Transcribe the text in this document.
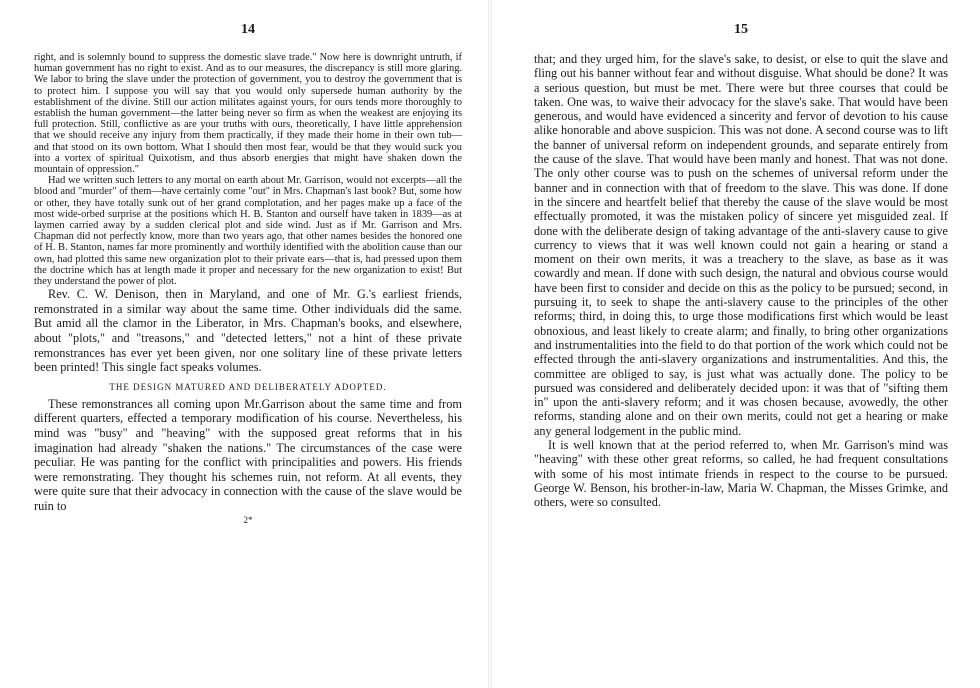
14

right, and is solemnly bound to suppress the domestic slave trade." Now here is downright untruth, if human government has no right to exist. And as to our measures, the discrepancy is still more glaring. We labor to bring the slave under the protection of government, you to destroy the government that is to protect him. I suppose you will say that you would only supersede human authority by the establishment of the divine. Still our action militates against yours, for ours tends more thoroughly to establish the human government—the latter being never so firm as when the weakest are enjoying its full protection. Still, conflictive as are your truths with ours, theoretically, I have little apprehension that we should receive any injury from them practically, if they made their home in their own tub—and that stood on its own bottom. What I should then most fear, would be that they would suck you into a vortex of spiritual Quixotism, and thus absorb energies that might have shaken down the mountain of oppression."

Had we written such letters to any mortal on earth about Mr. Garrison, would not excerpts—all the blood and "murder" of them—have certainly come "out" in Mrs. Chapman's last book? But, some how or other, they have totally sunk out of her grand complotation, and her pages make up a face of the most wide-orbed surprise at the positions which H. B. Stanton and ourself have taken in 1839—as at laymen carried away by a sudden clerical plot and side wind. Just as if Mr. Garrison and Mrs. Chapman did not perfectly know, more than two years ago, that other names besides the honored one of H. B. Stanton, names far more prominently and worthily identified with the abolition cause than our own, had plotted this same new organization plot to their private ears—that is, had pressed upon them the doctrine which has at length made it proper and necessary for the new organization to exist! But they understand the power of plot.

Rev. C. W. Denison, then in Maryland, and one of Mr. G.'s earliest friends, remonstrated in a similar way about the same time. Other individuals did the same. But amid all the clamor in the Liberator, in Mrs. Chapman's books, and elsewhere, about "plots," and "treasons," and "detected letters," not a hint of these private remonstrances has ever yet been given, nor one solitary line of these private letters been printed! This single fact speaks volumes.

THE DESIGN MATURED AND DELIBERATELY ADOPTED.

These remonstrances all coming upon Mr.Garrison about the same time and from different quarters, effected a temporary modification of his course. Nevertheless, his mind was "busy" and "heaving" with the supposed great reforms that in his imagination had already "shaken the nations." The circumstances of the case were peculiar. He was panting for the conflict with principalities and powers. His friends were remonstrating. They thought his schemes ruin, not reform. At all events, they were quite sure that their advocacy in connection with the cause of the slave would be ruin to

2*
15

that; and they urged him, for the slave's sake, to desist, or else to quit the slave and fling out his banner without fear and without disguise. What should be done? It was a serious question, but must be met. There were but three courses that could be taken. One was, to waive their advocacy for the slave's sake. That would have been generous, and would have evidenced a sincerity and fervor of devotion to his cause alike honorable and above suspicion. This was not done. A second course was to lift the banner of universal reform on independent grounds, and separate entirely from the cause of the slave. That would have been manly and honest. That was not done. The only other course was to push on the schemes of universal reform under the banner and in connection with that of freedom to the slave. This was done. If done in the sincere and heartfelt belief that thereby the cause of the slave would be most effectually promoted, it was the mistaken policy of sincere yet misguided zeal. If done with the deliberate design of taking advantage of the anti-slavery cause to give currency to views that it was well known could not gain a hearing or stand a moment on their own merits, it was a treachery to the slave, as base as it was cowardly and mean. If done with such design, the natural and obvious course would have been first to consider and decide on this as the policy to be pursued; second, in pursuing it, to seek to shape the anti-slavery cause to the principles of the other reforms; third, in doing this, to urge those modifications first which would be least obnoxious, and least likely to create alarm; and finally, to bring other organizations and instrumentalities into the field to do that portion of the work which could not be effected through the anti-slavery organizations and instrumentalities. And this, the committee are obliged to say, is just what was actually done. The policy to be pursued was considered and deliberately decided upon: it was that of "sifting them in" upon the anti-slavery reform; and it was chosen because, avowedly, the other reforms, standing alone and on their own merits, could not get a hearing or make any general lodgement in the public mind.

It is well known that at the period referred to, when Mr. Garrison's mind was "heaving" with these other great reforms, so called, he had frequent consultations with some of his most intimate friends in respect to the course to be pursued. George W. Benson, his brother-in-law, Maria W. Chapman, the Misses Grimke, and others, were so consulted.
